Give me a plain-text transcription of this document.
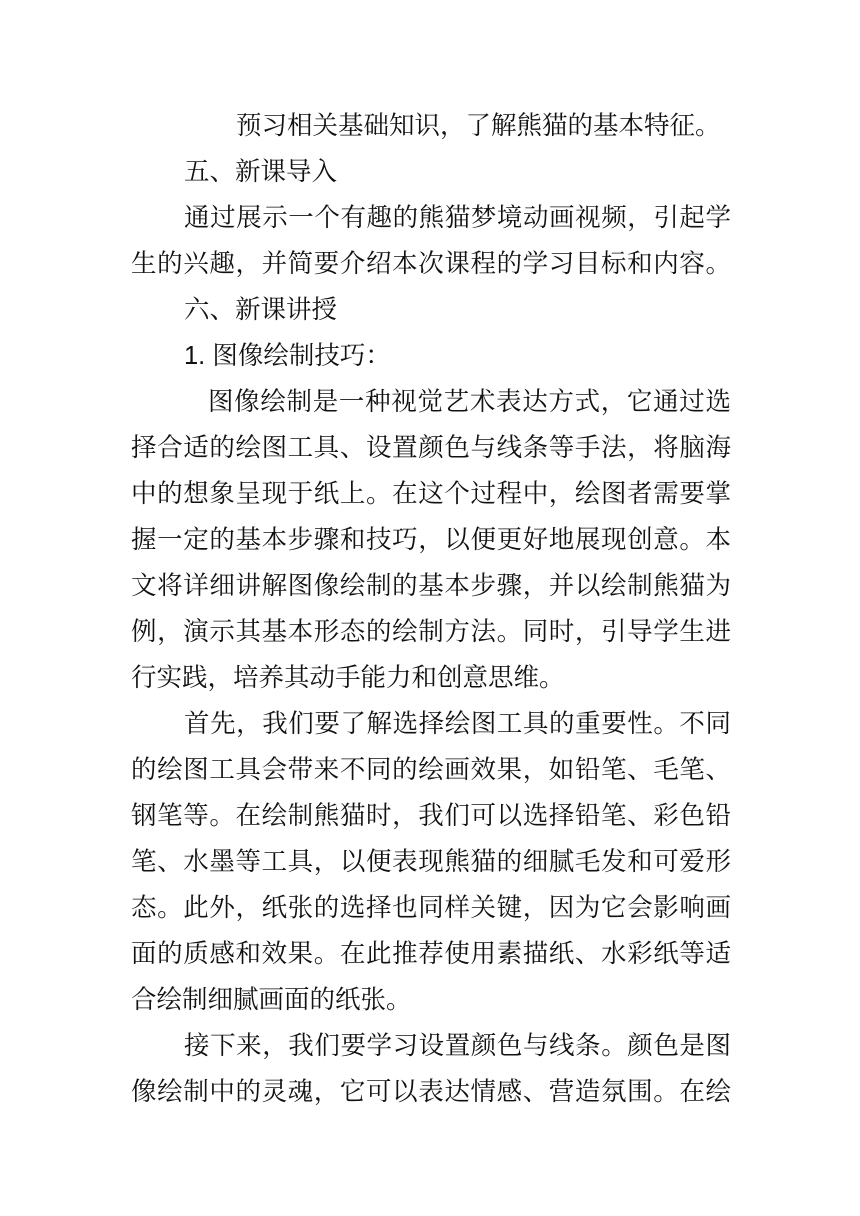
预习相关基础知识，了解熊猫的基本特征。
五、新课导入
通过展示一个有趣的熊猫梦境动画视频，引起学
生的兴趣，并简要介绍本次课程的学习目标和内容。
六、新课讲授
1. 图像绘制技巧：
图像绘制是一种视觉艺术表达方式，它通过选
择合适的绘图工具、设置颜色与线条等手法，将脑海
中的想象呈现于纸上。在这个过程中，绘图者需要掌
握一定的基本步骤和技巧，以便更好地展现创意。本
文将详细讲解图像绘制的基本步骤，并以绘制熊猫为
例，演示其基本形态的绘制方法。同时，引导学生进
行实践，培养其动手能力和创意思维。
首先，我们要了解选择绘图工具的重要性。不同
的绘图工具会带来不同的绘画效果，如铅笔、毛笔、
钢笔等。在绘制熊猫时，我们可以选择铅笔、彩色铅
笔、水墨等工具，以便表现熊猫的细腻毛发和可爱形
态。此外，纸张的选择也同样关键，因为它会影响画
面的质感和效果。在此推荐使用素描纸、水彩纸等适
合绘制细腻画面的纸张。
接下来，我们要学习设置颜色与线条。颜色是图
像绘制中的灵魂，它可以表达情感、营造氛围。在绘
